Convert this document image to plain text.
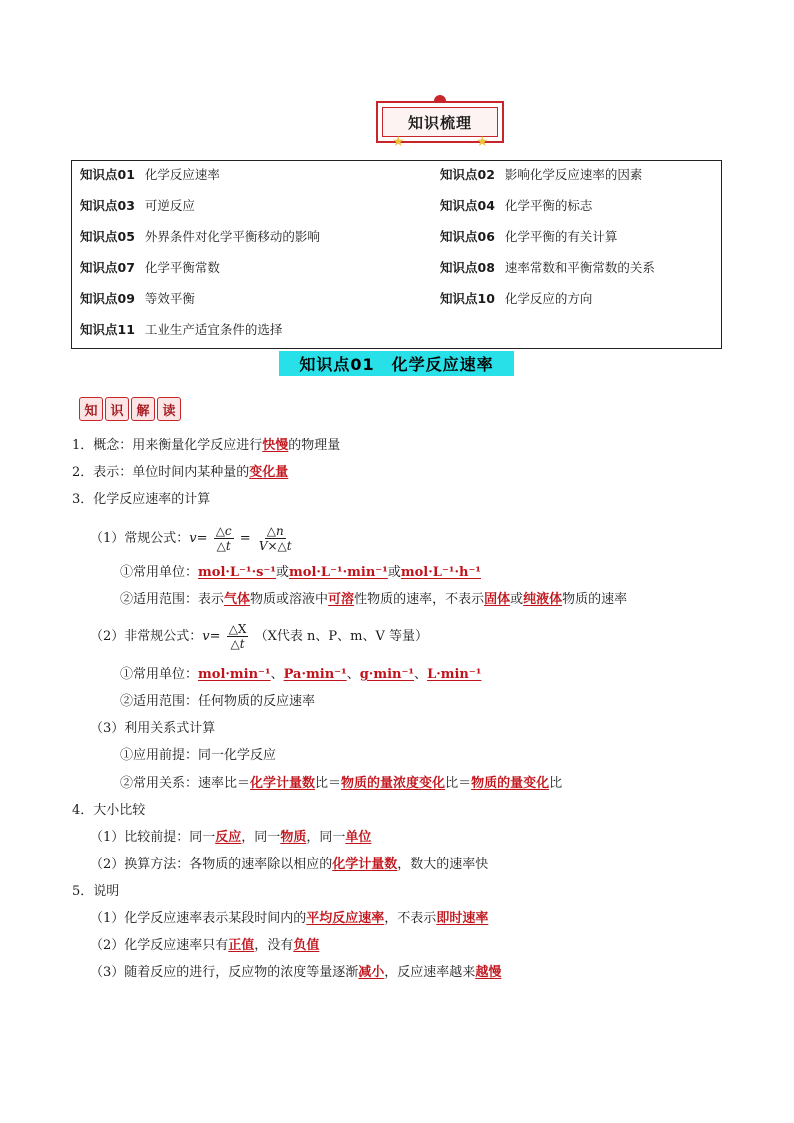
知识梳理
★	★
知识点01 化学反应速率	知识点02 影响化学反应速率的因素
知识点03 可逆反应	知识点04 化学平衡的标志
知识点05 外界条件对化学平衡移动的影响	知识点06 化学平衡的有关计算
知识点07 化学平衡常数	知识点08 速率常数和平衡常数的关系
知识点09 等效平衡	知识点10 化学反应的方向
知识点11 工业生产适宜条件的选择
知识点01　化学反应速率
知 识 解 读
1．概念：用来衡量化学反应进行快慢的物理量
2．表示：单位时间内某种量的变化量
3．化学反应速率的计算
（1）常规公式：$v= \frac{\triangle c}{\triangle t} = \frac{\triangle n}{V\times\triangle t}$
①常用单位：mol·L⁻¹·s⁻¹或mol·L⁻¹·min⁻¹或mol·L⁻¹·h⁻¹
②适用范围：表示气体物质或溶液中可溶性物质的速率，不表示固体或纯液体物质的速率
（2）非常规公式：$v= \frac{\triangle X}{\triangle t} (X$代表 n、P、m、V 等量）
①常用单位：mol·min⁻¹、Pa·min⁻¹、g·min⁻¹、L·min⁻¹
②适用范围：任何物质的反应速率
（3）利用关系式计算
①应用前提：同一化学反应
②常用关系：速率比＝化学计量数比＝物质的量浓度变化比＝物质的量变化比
4．大小比较
（1）比较前提：同一反应，同一物质，同一单位
（2）换算方法：各物质的速率除以相应的化学计量数，数大的速率快
5．说明
（1）化学反应速率表示某段时间内的平均反应速率，不表示即时速率
（2）化学反应速率只有正值，没有负值
（3）随着反应的进行，反应物的浓度等量逐渐减小，反应速率越来越慢
